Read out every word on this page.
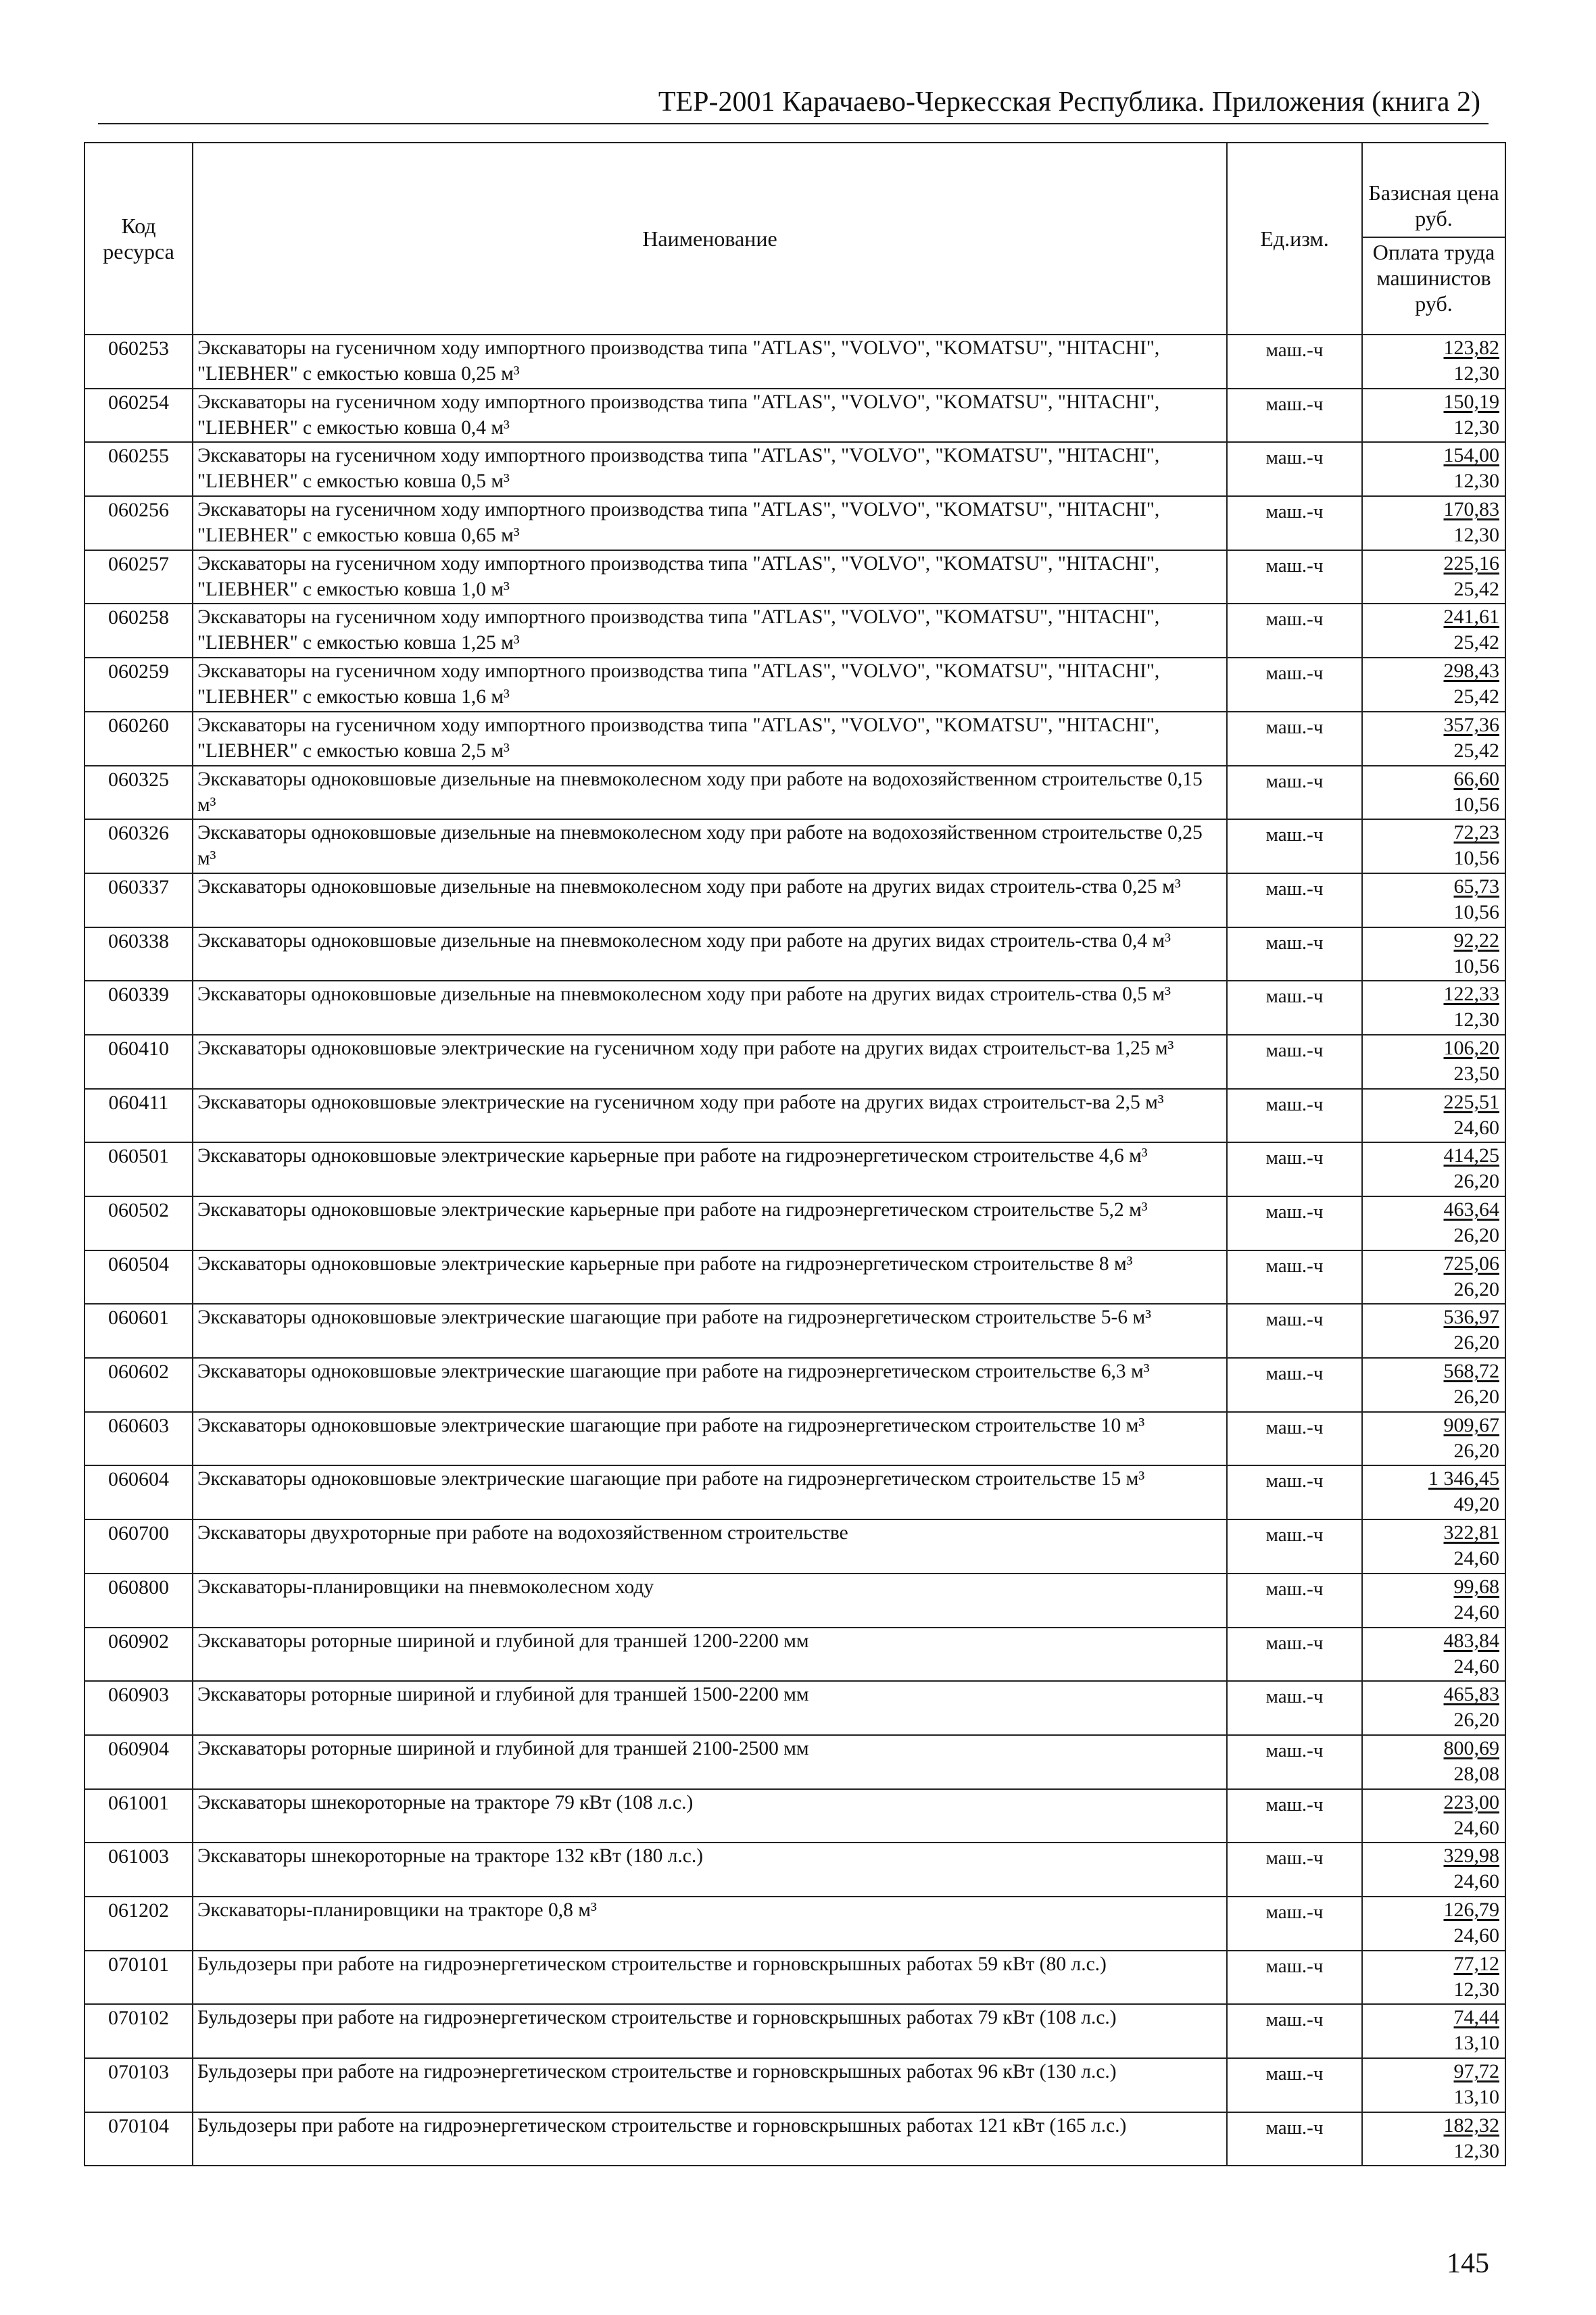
ТЕР-2001 Карачаево-Черкесская Республика. Приложения (книга 2)
Код ресурса	Наименование	Ед.изм.	Базисная цена руб.
Оплата труда машинистов руб.

060253	Экскаваторы на гусеничном ходу импортного производства типа "ATLAS", "VOLVO", "KOMATSU", "HITACHI", "LIEBHER" с емкостью ковша 0,25 м³	маш.-ч	123,82
12,30

060254	Экскаваторы на гусеничном ходу импортного производства типа "ATLAS", "VOLVO", "KOMATSU", "HITACHI", "LIEBHER" с емкостью ковша 0,4 м³	маш.-ч	150,19
12,30

060255	Экскаваторы на гусеничном ходу импортного производства типа "ATLAS", "VOLVO", "KOMATSU", "HITACHI", "LIEBHER" с емкостью ковша 0,5 м³	маш.-ч	154,00
12,30

060256	Экскаваторы на гусеничном ходу импортного производства типа "ATLAS", "VOLVO", "KOMATSU", "HITACHI", "LIEBHER" с емкостью ковша 0,65 м³	маш.-ч	170,83
12,30

060257	Экскаваторы на гусеничном ходу импортного производства типа "ATLAS", "VOLVO", "KOMATSU", "HITACHI", "LIEBHER" с емкостью ковша 1,0 м³	маш.-ч	225,16
25,42

060258	Экскаваторы на гусеничном ходу импортного производства типа "ATLAS", "VOLVO", "KOMATSU", "HITACHI", "LIEBHER" с емкостью ковша 1,25 м³	маш.-ч	241,61
25,42

060259	Экскаваторы на гусеничном ходу импортного производства типа "ATLAS", "VOLVO", "KOMATSU", "HITACHI", "LIEBHER" с емкостью ковша 1,6 м³	маш.-ч	298,43
25,42

060260	Экскаваторы на гусеничном ходу импортного производства типа "ATLAS", "VOLVO", "KOMATSU", "HITACHI", "LIEBHER" с емкостью ковша 2,5 м³	маш.-ч	357,36
25,42

060325	Экскаваторы одноковшовые дизельные на пневмоколесном ходу при работе на водохозяйственном строительстве 0,15 м³	маш.-ч	66,60
10,56

060326	Экскаваторы одноковшовые дизельные на пневмоколесном ходу при работе на водохозяйственном строительстве 0,25 м³	маш.-ч	72,23
10,56

060337	Экскаваторы одноковшовые дизельные на пневмоколесном ходу при работе на других видах строитель-ства 0,25 м³	маш.-ч	65,73
10,56

060338	Экскаваторы одноковшовые дизельные на пневмоколесном ходу при работе на других видах строитель-ства 0,4 м³	маш.-ч	92,22
10,56

060339	Экскаваторы одноковшовые дизельные на пневмоколесном ходу при работе на других видах строитель-ства 0,5 м³	маш.-ч	122,33
12,30

060410	Экскаваторы одноковшовые электрические на гусеничном ходу при работе на других видах строительст-ва 1,25 м³	маш.-ч	106,20
23,50

060411	Экскаваторы одноковшовые электрические на гусеничном ходу при работе на других видах строительст-ва 2,5 м³	маш.-ч	225,51
24,60

060501	Экскаваторы одноковшовые электрические карьерные при работе на гидроэнергетическом строительстве 4,6 м³	маш.-ч	414,25
26,20

060502	Экскаваторы одноковшовые электрические карьерные при работе на гидроэнергетическом строительстве 5,2 м³	маш.-ч	463,64
26,20

060504	Экскаваторы одноковшовые электрические карьерные при работе на гидроэнергетическом строительстве 8 м³	маш.-ч	725,06
26,20

060601	Экскаваторы одноковшовые электрические шагающие при работе на гидроэнергетическом строительстве 5-6 м³	маш.-ч	536,97
26,20

060602	Экскаваторы одноковшовые электрические шагающие при работе на гидроэнергетическом строительстве 6,3 м³	маш.-ч	568,72
26,20

060603	Экскаваторы одноковшовые электрические шагающие при работе на гидроэнергетическом строительстве 10 м³	маш.-ч	909,67
26,20

060604	Экскаваторы одноковшовые электрические шагающие при работе на гидроэнергетическом строительстве 15 м³	маш.-ч	1 346,45
49,20

060700	Экскаваторы двухроторные при работе на водохозяйственном строительстве	маш.-ч	322,81
24,60

060800	Экскаваторы-планировщики на пневмоколесном ходу	маш.-ч	99,68
24,60

060902	Экскаваторы роторные шириной и глубиной для траншей 1200-2200 мм	маш.-ч	483,84
24,60

060903	Экскаваторы роторные шириной и глубиной для траншей 1500-2200 мм	маш.-ч	465,83
26,20

060904	Экскаваторы роторные шириной и глубиной для траншей 2100-2500 мм	маш.-ч	800,69
28,08

061001	Экскаваторы шнекороторные на тракторе 79 кВт (108 л.с.)	маш.-ч	223,00
24,60

061003	Экскаваторы шнекороторные на тракторе 132 кВт (180 л.с.)	маш.-ч	329,98
24,60

061202	Экскаваторы-планировщики на тракторе 0,8 м³	маш.-ч	126,79
24,60

070101	Бульдозеры при работе на гидроэнергетическом строительстве и горновскрышных работах 59 кВт (80 л.с.)	маш.-ч	77,12
12,30

070102	Бульдозеры при работе на гидроэнергетическом строительстве и горновскрышных работах 79 кВт (108 л.с.)	маш.-ч	74,44
13,10

070103	Бульдозеры при работе на гидроэнергетическом строительстве и горновскрышных работах 96 кВт (130 л.с.)	маш.-ч	97,72
13,10

070104	Бульдозеры при работе на гидроэнергетическом строительстве и горновскрышных работах 121 кВт (165 л.с.)	маш.-ч	182,32
12,30
145
